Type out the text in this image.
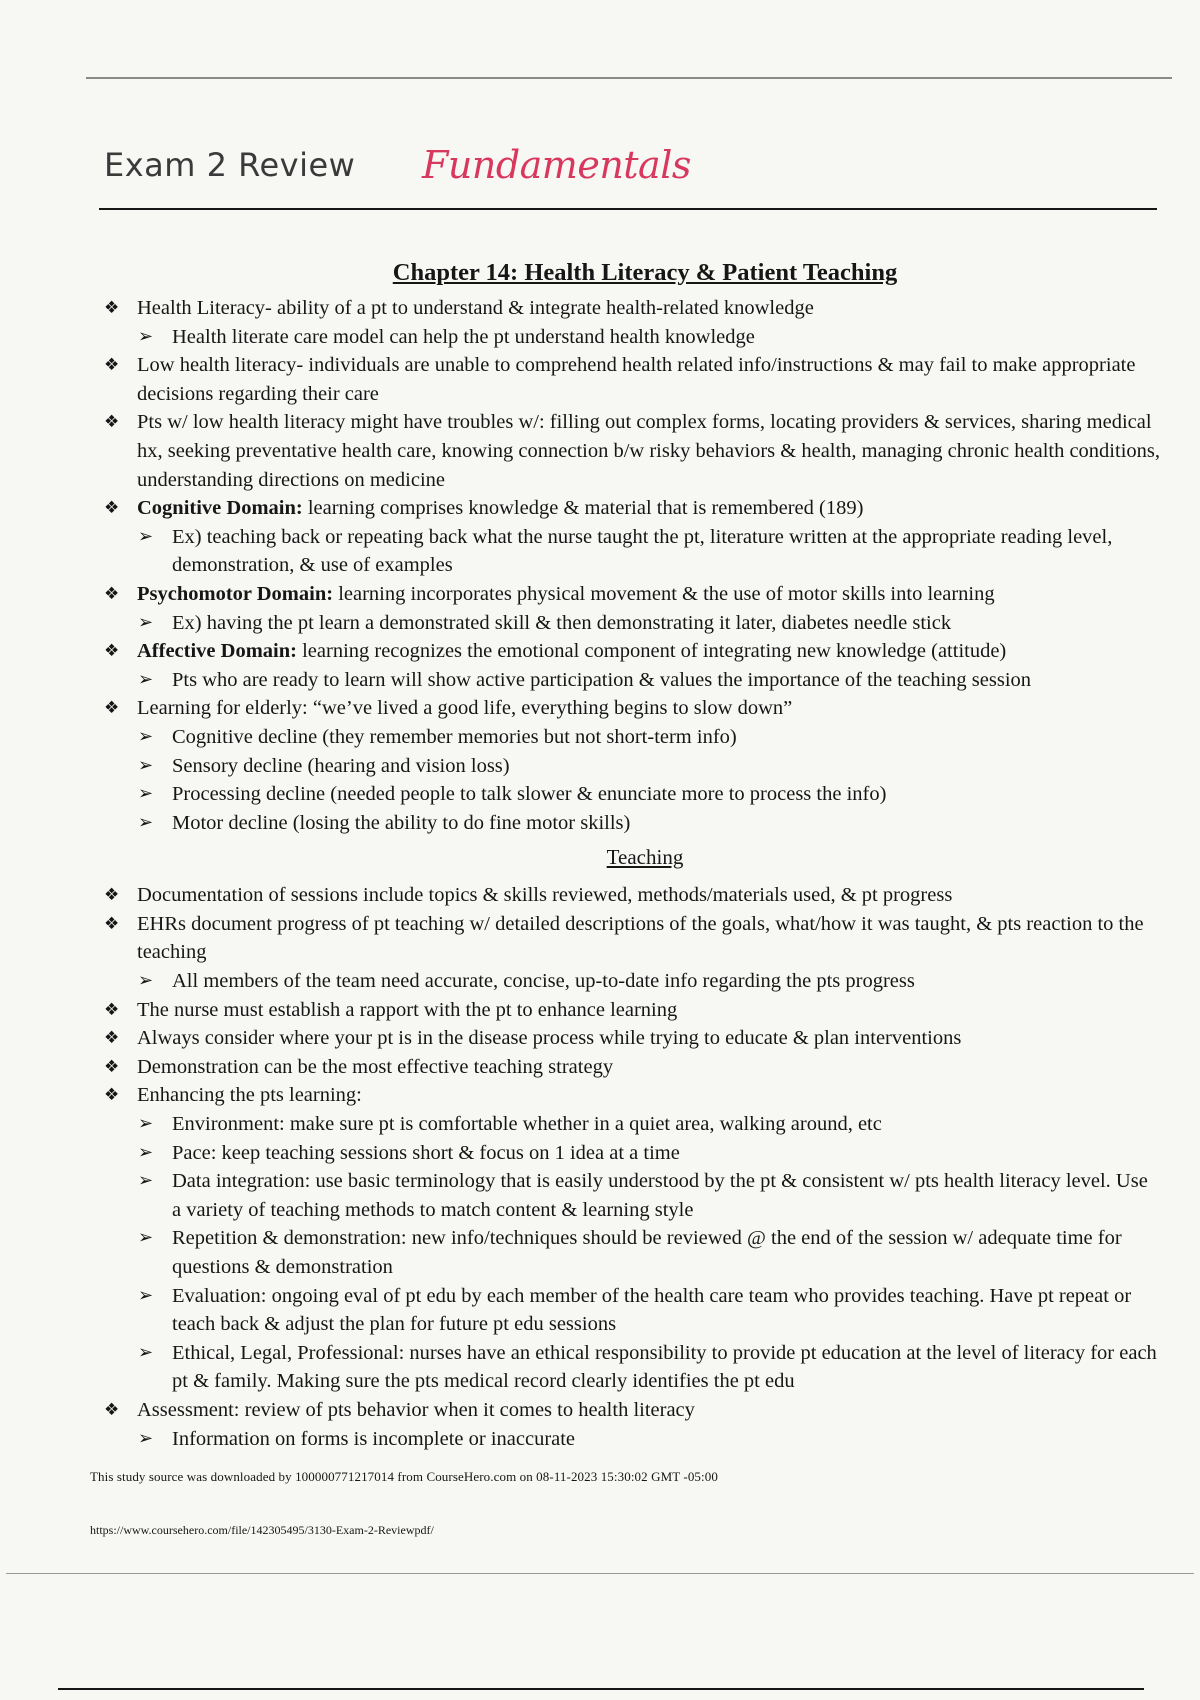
Exam 2 Review Fundamentals
Chapter 14: Health Literacy & Patient Teaching
❖ Health Literacy- ability of a pt to understand & integrate health-related knowledge
➢ Health literate care model can help the pt understand health knowledge
❖ Low health literacy- individuals are unable to comprehend health related info/instructions & may fail to make appropriate decisions regarding their care
❖ Pts w/ low health literacy might have troubles w/: filling out complex forms, locating providers & services, sharing medical hx, seeking preventative health care, knowing connection b/w risky behaviors & health, managing chronic health conditions, understanding directions on medicine
❖ Cognitive Domain: learning comprises knowledge & material that is remembered (189)
➢ Ex) teaching back or repeating back what the nurse taught the pt, literature written at the appropriate reading level, demonstration, & use of examples
❖ Psychomotor Domain: learning incorporates physical movement & the use of motor skills into learning
➢ Ex) having the pt learn a demonstrated skill & then demonstrating it later, diabetes needle stick
❖ Affective Domain: learning recognizes the emotional component of integrating new knowledge (attitude)
➢ Pts who are ready to learn will show active participation & values the importance of the teaching session
❖ Learning for elderly: “we’ve lived a good life, everything begins to slow down”
➢ Cognitive decline (they remember memories but not short-term info)
➢ Sensory decline (hearing and vision loss)
➢ Processing decline (needed people to talk slower & enunciate more to process the info)
➢ Motor decline (losing the ability to do fine motor skills)
Teaching
❖ Documentation of sessions include topics & skills reviewed, methods/materials used, & pt progress
❖ EHRs document progress of pt teaching w/ detailed descriptions of the goals, what/how it was taught, & pts reaction to the teaching
➢ All members of the team need accurate, concise, up-to-date info regarding the pts progress
❖ The nurse must establish a rapport with the pt to enhance learning
❖ Always consider where your pt is in the disease process while trying to educate & plan interventions
❖ Demonstration can be the most effective teaching strategy
❖ Enhancing the pts learning:
➢ Environment: make sure pt is comfortable whether in a quiet area, walking around, etc
➢ Pace: keep teaching sessions short & focus on 1 idea at a time
➢ Data integration: use basic terminology that is easily understood by the pt & consistent w/ pts health literacy level. Use a variety of teaching methods to match content & learning style
➢ Repetition & demonstration: new info/techniques should be reviewed @ the end of the session w/ adequate time for questions & demonstration
➢ Evaluation: ongoing eval of pt edu by each member of the health care team who provides teaching. Have pt repeat or teach back & adjust the plan for future pt edu sessions
➢ Ethical, Legal, Professional: nurses have an ethical responsibility to provide pt education at the level of literacy for each pt & family. Making sure the pts medical record clearly identifies the pt edu
❖ Assessment: review of pts behavior when it comes to health literacy
➢ Information on forms is incomplete or inaccurate
This study source was downloaded by 100000771217014 from CourseHero.com on 08-11-2023 15:30:02 GMT -05:00
https://www.coursehero.com/file/142305495/3130-Exam-2-Reviewpdf/
